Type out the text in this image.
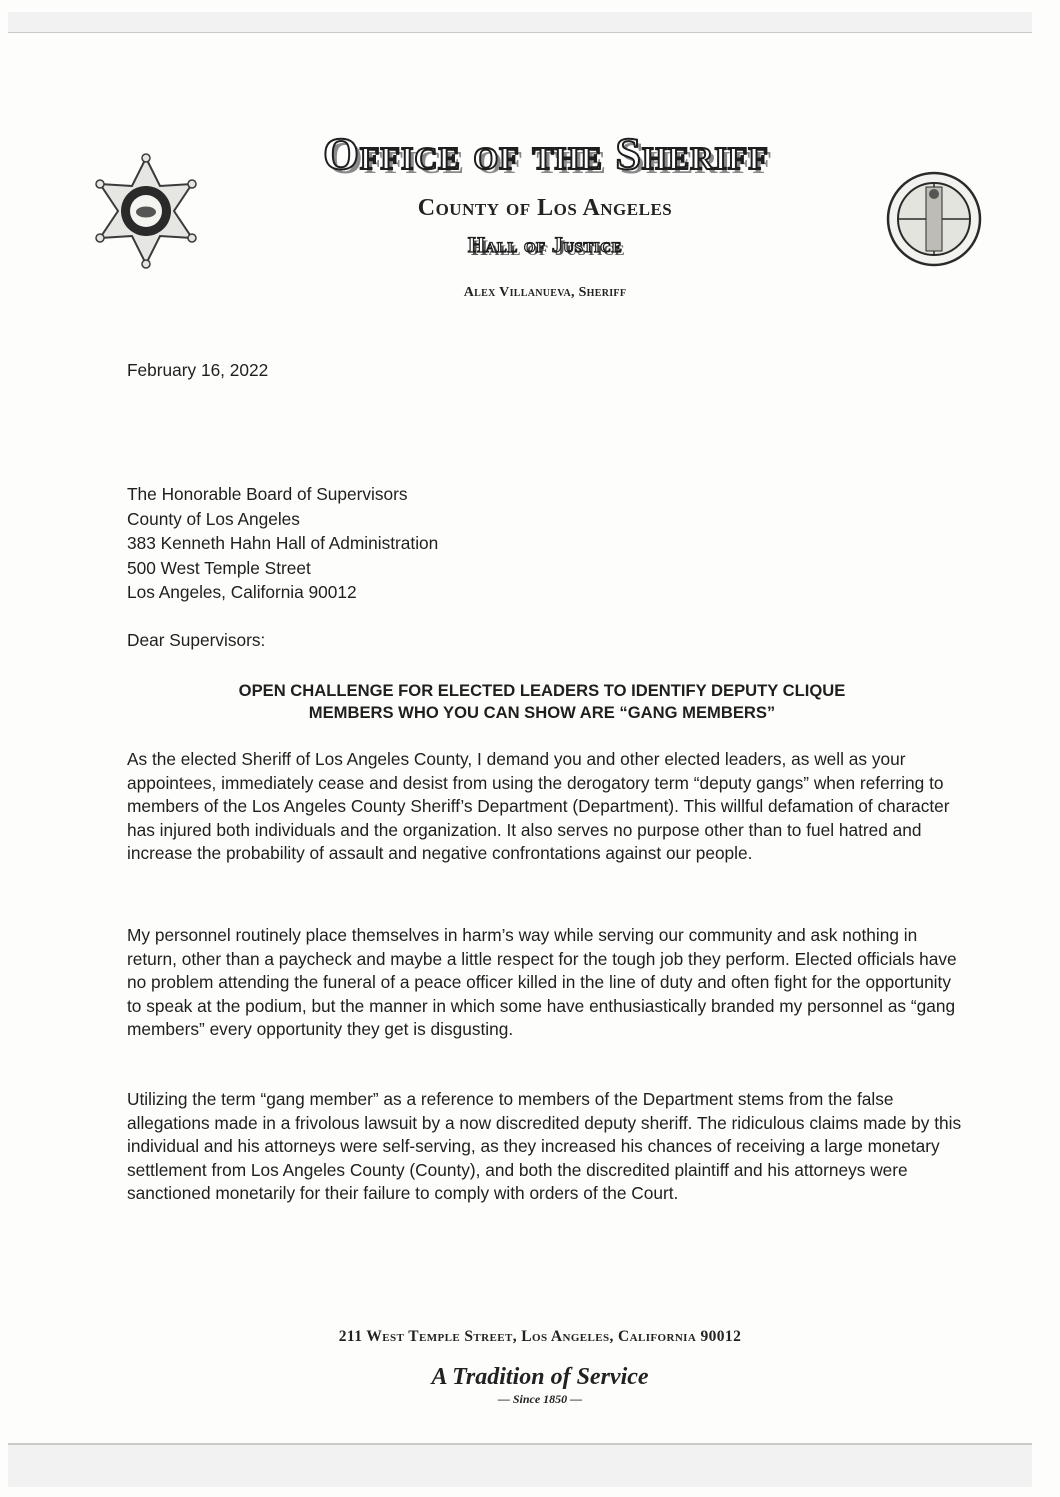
Office of the Sheriff
County of Los Angeles
Hall of Justice
Alex Villanueva, Sheriff
February 16, 2022
The Honorable Board of Supervisors
County of Los Angeles
383 Kenneth Hahn Hall of Administration
500 West Temple Street
Los Angeles, California 90012
Dear Supervisors:
OPEN CHALLENGE FOR ELECTED LEADERS TO IDENTIFY DEPUTY CLIQUE
MEMBERS WHO YOU CAN SHOW ARE “GANG MEMBERS”
As the elected Sheriff of Los Angeles County, I demand you and other elected leaders, as well as your appointees, immediately cease and desist from using the derogatory term “deputy gangs” when referring to members of the Los Angeles County Sheriff’s Department (Department). This willful defamation of character has injured both individuals and the organization. It also serves no purpose other than to fuel hatred and increase the probability of assault and negative confrontations against our people.
My personnel routinely place themselves in harm’s way while serving our community and ask nothing in return, other than a paycheck and maybe a little respect for the tough job they perform. Elected officials have no problem attending the funeral of a peace officer killed in the line of duty and often fight for the opportunity to speak at the podium, but the manner in which some have enthusiastically branded my personnel as “gang members” every opportunity they get is disgusting.
Utilizing the term “gang member” as a reference to members of the Department stems from the false allegations made in a frivolous lawsuit by a now discredited deputy sheriff. The ridiculous claims made by this individual and his attorneys were self-serving, as they increased his chances of receiving a large monetary settlement from Los Angeles County (County), and both the discredited plaintiff and his attorneys were sanctioned monetarily for their failure to comply with orders of the Court.
211 West Temple Street, Los Angeles, California 90012
A Tradition of Service
— Since 1850 —
